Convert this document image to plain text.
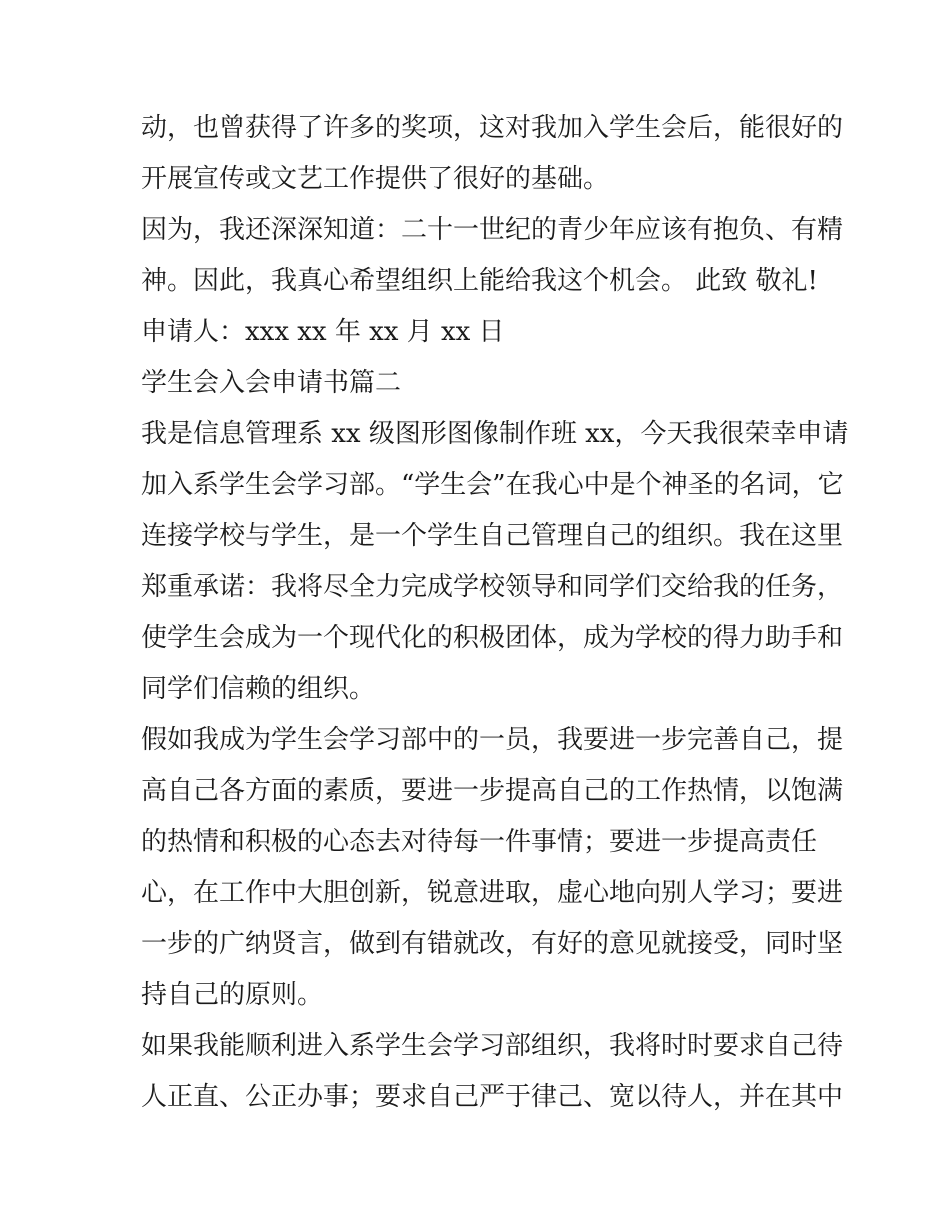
动，也曾获得了许多的奖项，这对我加入学生会后，能很好的
开展宣传或文艺工作提供了很好的基础。
因为，我还深深知道：二十一世纪的青少年应该有抱负、有精
神。因此，我真心希望组织上能给我这个机会。 此致 敬礼!
申请人：xxx xx 年 xx 月 xx 日
学生会入会申请书篇二
我是信息管理系 xx 级图形图像制作班 xx，今天我很荣幸申请
加入系学生会学习部。“学生会”在我心中是个神圣的名词，它
连接学校与学生，是一个学生自己管理自己的组织。我在这里
郑重承诺：我将尽全力完成学校领导和同学们交给我的任务，
使学生会成为一个现代化的积极团体，成为学校的得力助手和
同学们信赖的组织。
假如我成为学生会学习部中的一员，我要进一步完善自己，提
高自己各方面的素质，要进一步提高自己的工作热情，以饱满
的热情和积极的心态去对待每一件事情；要进一步提高责任
心，在工作中大胆创新，锐意进取，虚心地向别人学习；要进
一步的广纳贤言，做到有错就改，有好的意见就接受，同时坚
持自己的原则。
如果我能顺利进入系学生会学习部组织，我将时时要求自己待
人正直、公正办事；要求自己严于律己、宽以待人，并在其中
